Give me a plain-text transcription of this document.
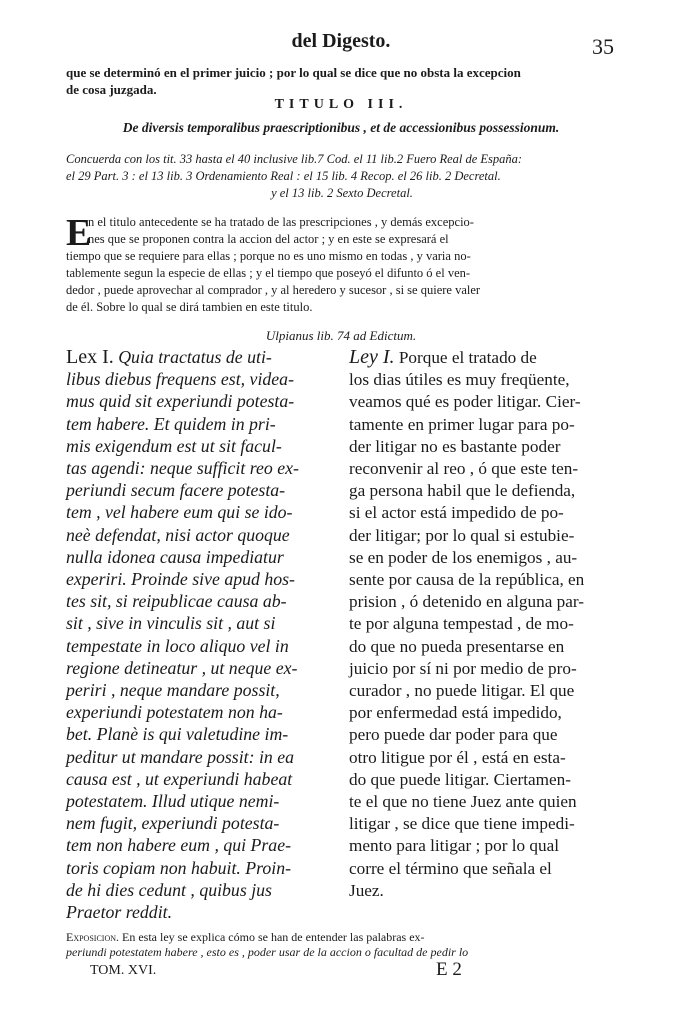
del Digesto.	35
que se determinó en el primer juicio ; por lo qual se dice que no obsta la excepcion
de cosa juzgada.
TITULO III.
De diversis temporalibus praescriptionibus , et de accessionibus possessionum.
Concuerda con los tit. 33 hasta el 40 inclusive lib.7 Cod. el 11 lib.2 Fuero Real de España:
el 29 Part. 3 : el 13 lib. 3 Ordenamiento Real : el 15 lib. 4 Recop. el 26 lib. 2 Decretal.
y el 13 lib. 2 Sexto Decretal.
E
n el titulo antecedente se ha tratado de las prescripciones , y demás excepcio-
nes que se proponen contra la accion del actor ; y en este se expresará el
tiempo que se requiere para ellas ; porque no es uno mismo en todas , y varia no-
tablemente segun la especie de ellas ; y el tiempo que poseyó el difunto ó el ven-
dedor , puede aprovechar al comprador , y al heredero y sucesor , si se quiere valer
de él. Sobre lo qual se dirá tambien en este titulo.
Ulpianus lib. 74 ad Edictum.
Lex I. Quia tractatus de uti-
libus diebus frequens est, videa-
mus quid sit experiundi potesta-
tem habere. Et quidem in pri-
mis exigendum est ut sit facul-
tas agendi: neque sufficit reo ex-
periundi secum facere potestа-
tem , vel habere eum qui se ido-
neè defendat, nisi actor quoque
nulla idonea causa impediatur
experiri. Proinde sive apud hos-
tes sit, si reipublicae causa ab-
sit , sive in vinculis sit , aut si
tempestate in loco aliquo vel in
regione detineatur , ut neque ex-
periri , neque mandare possit,
experiundi potestatem non ha-
bet. Planè is qui valetudine im-
peditur ut mandare possit: in ea
causa est , ut experiundi habeat
potestatem. Illud utique nemi-
nem fugit, experiundi potesta-
tem non habere eum , qui Prae-
toris copiam non habuit. Proin-
de hi dies cedunt , quibus jus
Praetor reddit.
Ley I. Porque el tratado de
los dias útiles es muy freqüente,
veamos qué es poder litigar. Cier-
tamente en primer lugar para po-
der litigar no es bastante poder
reconvenir al reo , ó que este ten-
ga persona habil que le defienda,
si el actor está impedido de po-
der litigar; por lo qual si estubie-
se en poder de los enemigos , au-
sente por causa de la república, en
prision , ó detenido en alguna par-
te por alguna tempestad , de mo-
do que no pueda presentarse en
juicio por sí ni por medio de pro-
curador , no puede litigar. El que
por enfermedad está impedido,
pero puede dar poder para que
otro litigue por él , está en esta-
do que puede litigar. Ciertamen-
te el que no tiene Juez ante quien
litigar , se dice que tiene impedi-
mento para litigar ; por lo qual
corre el término que señala el
Juez.
Exposicion. En esta ley se explica cómo se han de entender las palabras ex-
periundi potestatem habere , esto es , poder usar de la accion o facultad de pedir lo
TOM. XVI.	E 2
